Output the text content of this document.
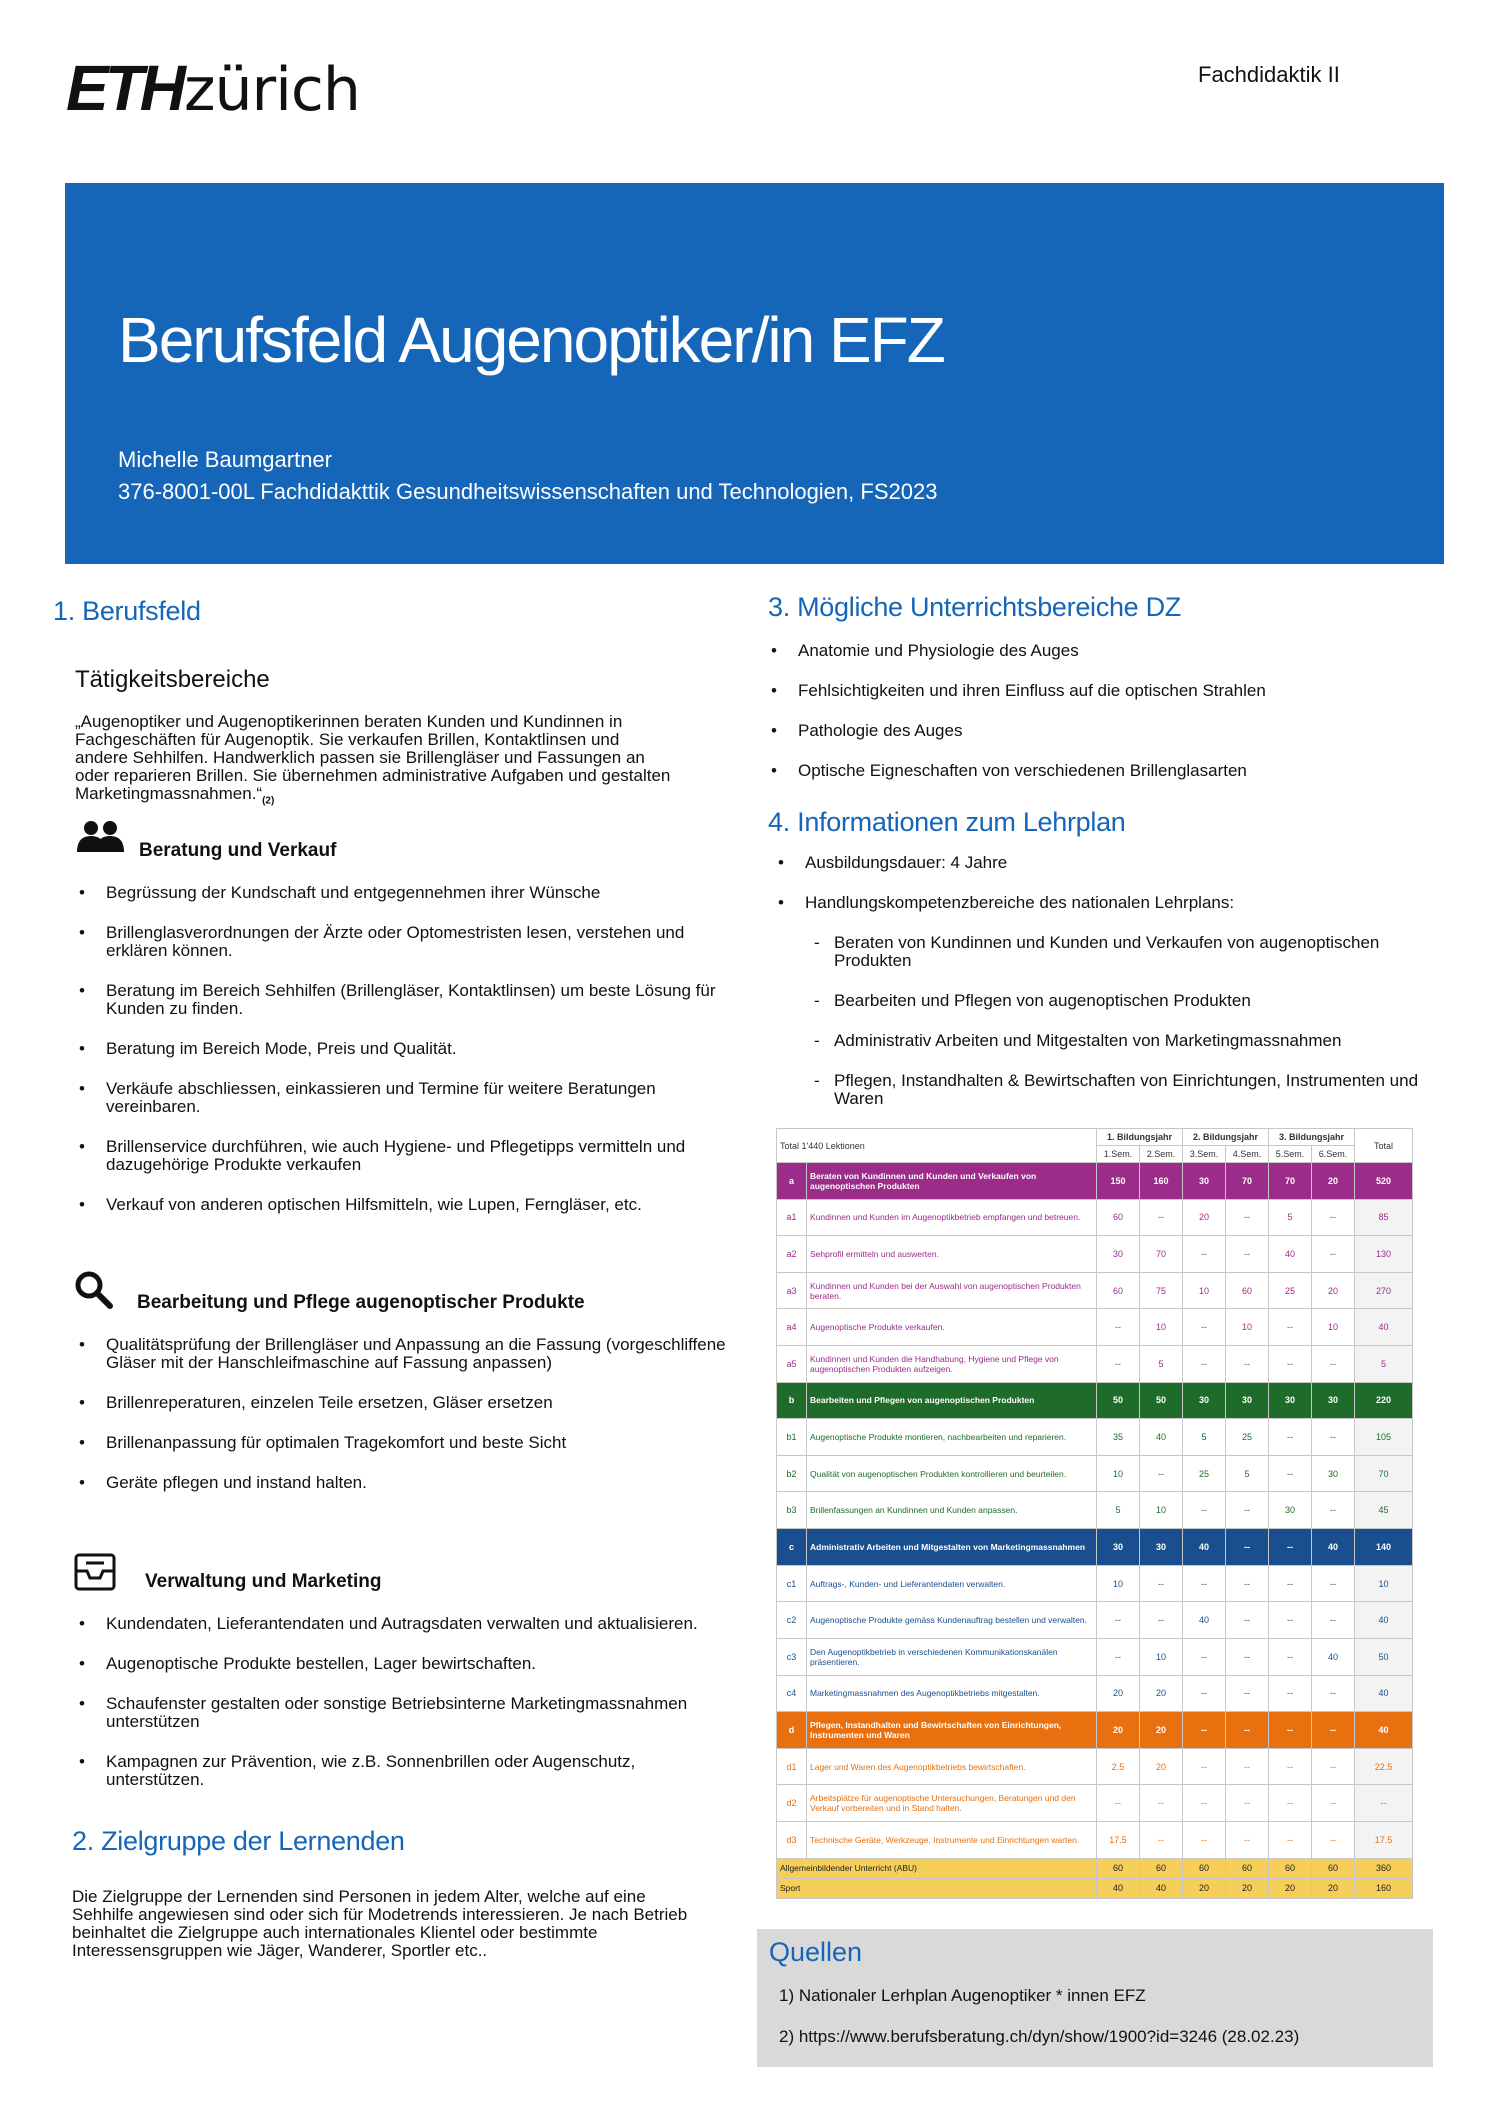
ETH zürich	Fachdidaktik II
Berufsfeld Augenoptiker/in EFZ
Michelle Baumgartner
376-8001-00L Fachdidakttik Gesundheitswissenschaften und Technologien, FS2023
1. Berufsfeld
Tätigkeitsbereiche
„Augenoptiker und Augenoptikerinnen beraten Kunden und Kundinnen in Fachgeschäften für Augenoptik. Sie verkaufen Brillen, Kontaktlinsen und andere Sehhilfen. Handwerklich passen sie Brillengläser und Fassungen an oder reparieren Brillen. Sie übernehmen administrative Aufgaben und gestalten $Marketingmassnahmen.“_{(2)}$
Beratung und Verkauf
• Begrüssung der Kundschaft und entgegennehmen ihrer Wünsche
• Brillenglasverordnungen der Ärzte oder Optomestristen lesen, verstehen und erklären können.
• Beratung im Bereich Sehhilfen (Brillengläser, Kontaktlinsen) um beste Lösung für Kunden zu finden.
• Beratung im Bereich Mode, Preis und Qualität.
• Verkäufe abschliessen, einkassieren und Termine für weitere Beratungen vereinbaren.
• Brillenservice durchführen, wie auch Hygiene- und Pflegetipps vermitteln und dazugehörige Produkte verkaufen
• Verkauf von anderen optischen Hilfsmitteln, wie Lupen, Ferngläser, etc.
Bearbeitung und Pflege augenoptischer Produkte
• Qualitätsprüfung der Brillengläser und Anpassung an die Fassung (vorgeschliffene Gläser mit der Hanschleifmaschine auf Fassung anpassen)
• Brillenreperaturen, einzelen Teile ersetzen, Gläser ersetzen
• Brillenanpassung für optimalen Tragekomfort und beste Sicht
• Geräte pflegen und instand halten.
Verwaltung und Marketing
• Kundendaten, Lieferantendaten und Autragsdaten verwalten und aktualisieren.
• Augenoptische Produkte bestellen, Lager bewirtschaften.
• Schaufenster gestalten oder sonstige Betriebsinterne Marketingmassnahmen unterstützen
• Kampagnen zur Prävention, wie z.B. Sonnenbrillen oder Augenschutz, unterstützen.
2. Zielgruppe der Lernenden
Die Zielgruppe der Lernenden sind Personen in jedem Alter, welche auf eine Sehhilfe angewiesen sind oder sich für Modetrends interessieren. Je nach Betrieb beinhaltet die Zielgruppe auch internationales Klientel oder bestimmte Interessensgruppen wie Jäger, Wanderer, Sportler etc..
3. Mögliche Unterrichtsbereiche DZ
• Anatomie und Physiologie des Auges
• Fehlsichtigkeiten und ihren Einfluss auf die optischen Strahlen
• Pathologie des Auges
• Optische Eigneschaften von verschiedenen Brillenglasarten
4. Informationen zum Lehrplan
• Ausbildungsdauer: 4 Jahre
• Handlungskompetenzbereiche des nationalen Lehrplans:
- Beraten von Kundinnen und Kunden und Verkaufen von augenoptischen Produkten
- Bearbeiten und Pflegen von augenoptischen Produkten
- Administrativ Arbeiten und Mitgestalten von Marketingmassnahmen
- Pflegen, Instandhalten & Bewirtschaften von Einrichtungen, Instrumenten und Waren
Total 1'440 Lektionen		1. Bildungsjahr		2. Bildungsjahr		3. Bildungsjahr		Total
		1.Sem.	2.Sem.	3.Sem.	4.Sem.	5.Sem.	6.Sem.	
a	Beraten von Kundinnen und Kunden und Verkaufen von augenoptischen Produkten	150	160	30	70	70	20	520
a1	Kundinnen und Kunden im Augenoptikbetrieb empfangen und betreuen.	60	--	20	--	5	--	85
a2	Sehprofil ermitteln und auswerten.	30	70	--	--	40	--	130
a3	Kundinnen und Kunden bei der Auswahl von augenoptischen Produkten beraten.	60	75	10	60	25	20	270
a4	Augenoptische Produkte verkaufen.	--	10	--	10	--	10	40
a5	Kundinnen und Kunden die Handhabung, Hygiene und Pflege von augenoptischen Produkten aufzeigen.	--	5	--	--	--	--	5
b	Bearbeiten und Pflegen von augenoptischen Produkten	50	50	30	30	30	30	220
b1	Augenoptische Produkte montieren, nachbearbeiten und reparieren.	35	40	5	25	--	--	105
b2	Qualität von augenoptischen Produkten kontrollieren und beurteilen.	10	--	25	5	--	30	70
b3	Brillenfassungen an Kundinnen und Kunden anpassen.	5	10	--	--	30	--	45
c	Administrativ Arbeiten und Mitgestalten von Marketingmassnahmen	30	30	40	--	--	40	140
c1	Auftrags-, Kunden- und Lieferantendaten verwalten.	10	--	--	--	--	--	10
c2	Augenoptische Produkte gemäss Kundenauftrag bestellen und verwalten.	--	--	40	--	--	--	40
c3	Den Augenoptikbetrieb in verschiedenen Kommunikationskanälen präsentieren.	--	10	--	--	--	40	50
c4	Marketingmassnahmen des Augenoptikbetriebs mitgestalten.	20	20	--	--	--	--	40
d	Pflegen, Instandhalten und Bewirtschaften von Einrichtungen, Instrumenten und Waren	20	20	--	--	--	--	40
d1	Lager und Waren des Augenoptikbetriebs bewirtschaften.	2.5	20	--	--	--	--	22.5
d2	Arbeitsplätze für augenoptische Untersuchungen, Beratungen und den Verkauf vorbereiten und in Stand halten.	--	--	--	--	--	--	--
d3	Technische Geräte, Werkzeuge, Instrumente und Einrichtungen warten.	17.5	--	--	--	--	--	17.5
Allgemeinbildender Unterricht (ABU)		60	60	60	60	60	60	360
Sport		40	40	20	20	20	20	160
Quellen
1) Nationaler Lerhplan Augenoptiker * innen EFZ
2) https://www.berufsberatung.ch/dyn/show/1900?id=3246 (28.02.23)
